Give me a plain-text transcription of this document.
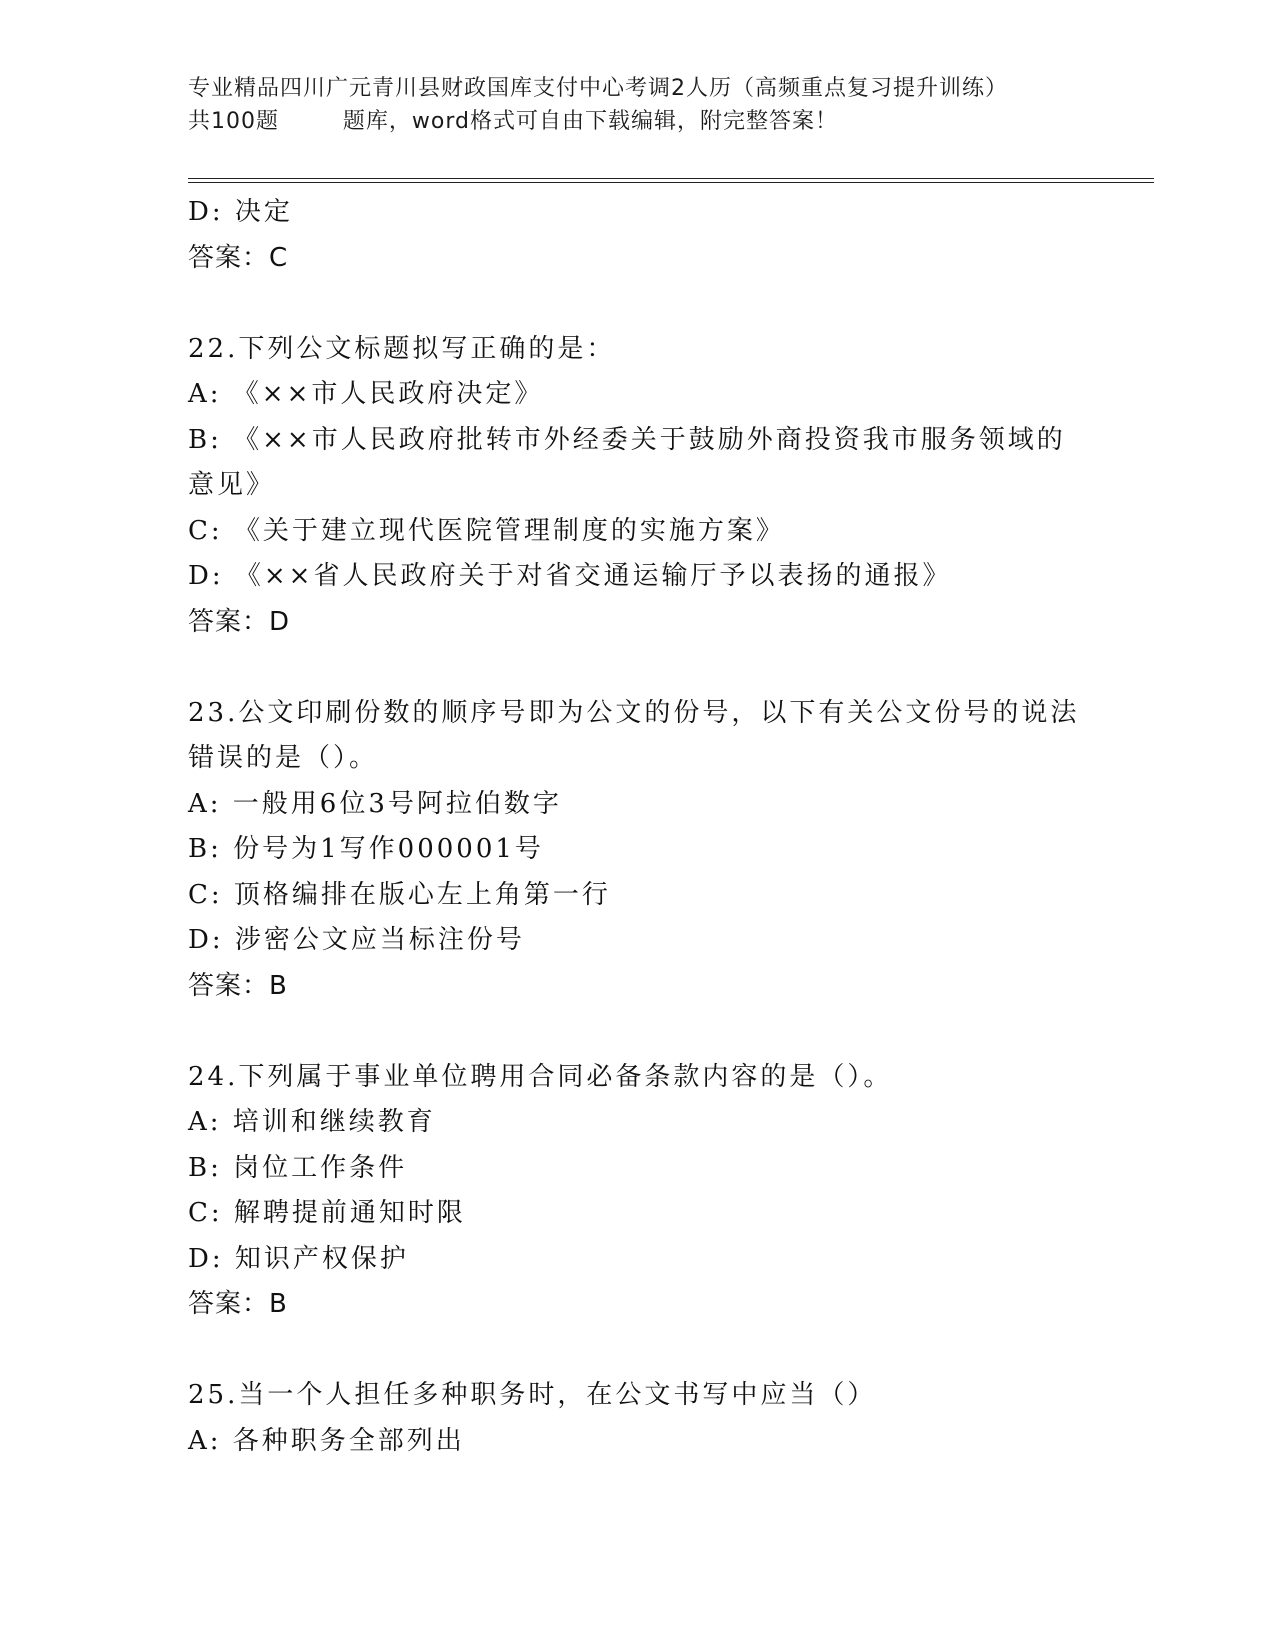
专业精品四川广元青川县财政国库支付中心考调2人历（高频重点复习提升训练）
共100题        题库，word格式可自由下载编辑，附完整答案！
D: 决定
答案：C
22.下列公文标题拟写正确的是：
A: 《××市人民政府决定》
B: 《××市人民政府批转市外经委关于鼓励外商投资我市服务领域的
意见》
C: 《关于建立现代医院管理制度的实施方案》
D: 《××省人民政府关于对省交通运输厅予以表扬的通报》
答案：D
23.公文印刷份数的顺序号即为公文的份号，以下有关公文份号的说法
错误的是（）。
A: 一般用6位3号阿拉伯数字
B: 份号为1写作000001号
C: 顶格编排在版心左上角第一行
D: 涉密公文应当标注份号
答案：B
24.下列属于事业单位聘用合同必备条款内容的是（）。
A: 培训和继续教育
B: 岗位工作条件
C: 解聘提前通知时限
D: 知识产权保护
答案：B
25.当一个人担任多种职务时，在公文书写中应当（）
A: 各种职务全部列出
